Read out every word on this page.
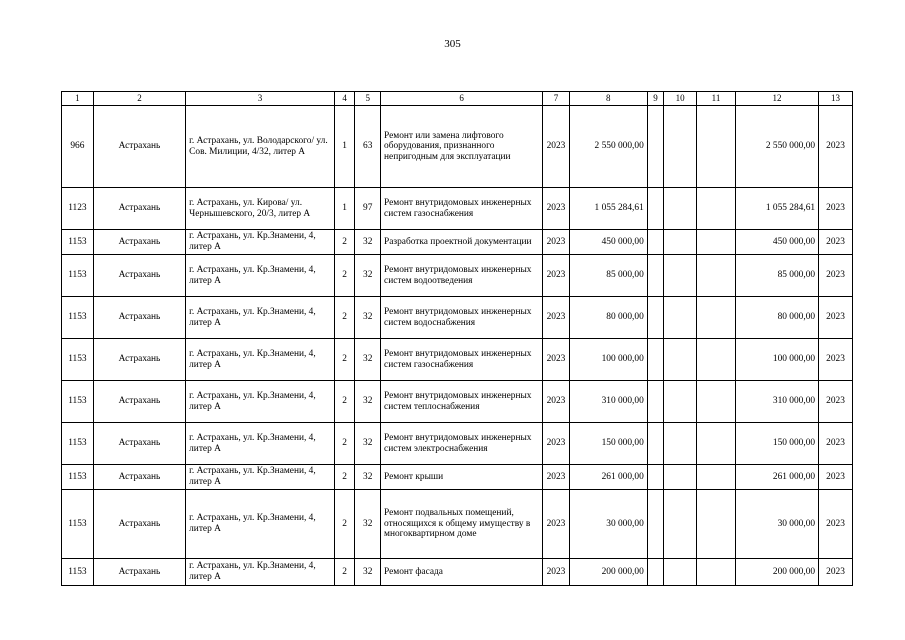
305
1	2	3	4	5	6	7	8	9	10	11	12	13
966	Астрахань	г. Астрахань, ул. Володарского/ ул. Сов. Милиции, 4/32, литер А	1	63	Ремонт или замена лифтового оборудования, признанного непригодным для эксплуатации	2023	2 550 000,00				2 550 000,00	2023
1123	Астрахань	г. Астрахань, ул. Кирова/ ул. Чернышевского, 20/3, литер А	1	97	Ремонт внутридомовых инженерных систем газоснабжения	2023	1 055 284,61				1 055 284,61	2023
1153	Астрахань	г. Астрахань, ул. Кр.Знамени, 4, литер А	2	32	Разработка проектной документации	2023	450 000,00				450 000,00	2023
1153	Астрахань	г. Астрахань, ул. Кр.Знамени, 4, литер А	2	32	Ремонт внутридомовых инженерных систем водоотведения	2023	85 000,00				85 000,00	2023
1153	Астрахань	г. Астрахань, ул. Кр.Знамени, 4, литер А	2	32	Ремонт внутридомовых инженерных систем водоснабжения	2023	80 000,00				80 000,00	2023
1153	Астрахань	г. Астрахань, ул. Кр.Знамени, 4, литер А	2	32	Ремонт внутридомовых инженерных систем газоснабжения	2023	100 000,00				100 000,00	2023
1153	Астрахань	г. Астрахань, ул. Кр.Знамени, 4, литер А	2	32	Ремонт внутридомовых инженерных систем теплоснабжения	2023	310 000,00				310 000,00	2023
1153	Астрахань	г. Астрахань, ул. Кр.Знамени, 4, литер А	2	32	Ремонт внутридомовых инженерных систем электроснабжения	2023	150 000,00				150 000,00	2023
1153	Астрахань	г. Астрахань, ул. Кр.Знамени, 4, литер А	2	32	Ремонт крыши	2023	261 000,00				261 000,00	2023
1153	Астрахань	г. Астрахань, ул. Кр.Знамени, 4, литер А	2	32	Ремонт подвальных помещений, относящихся к общему имуществу в многоквартирном доме	2023	30 000,00				30 000,00	2023
1153	Астрахань	г. Астрахань, ул. Кр.Знамени, 4, литер А	2	32	Ремонт фасада	2023	200 000,00				200 000,00	2023
